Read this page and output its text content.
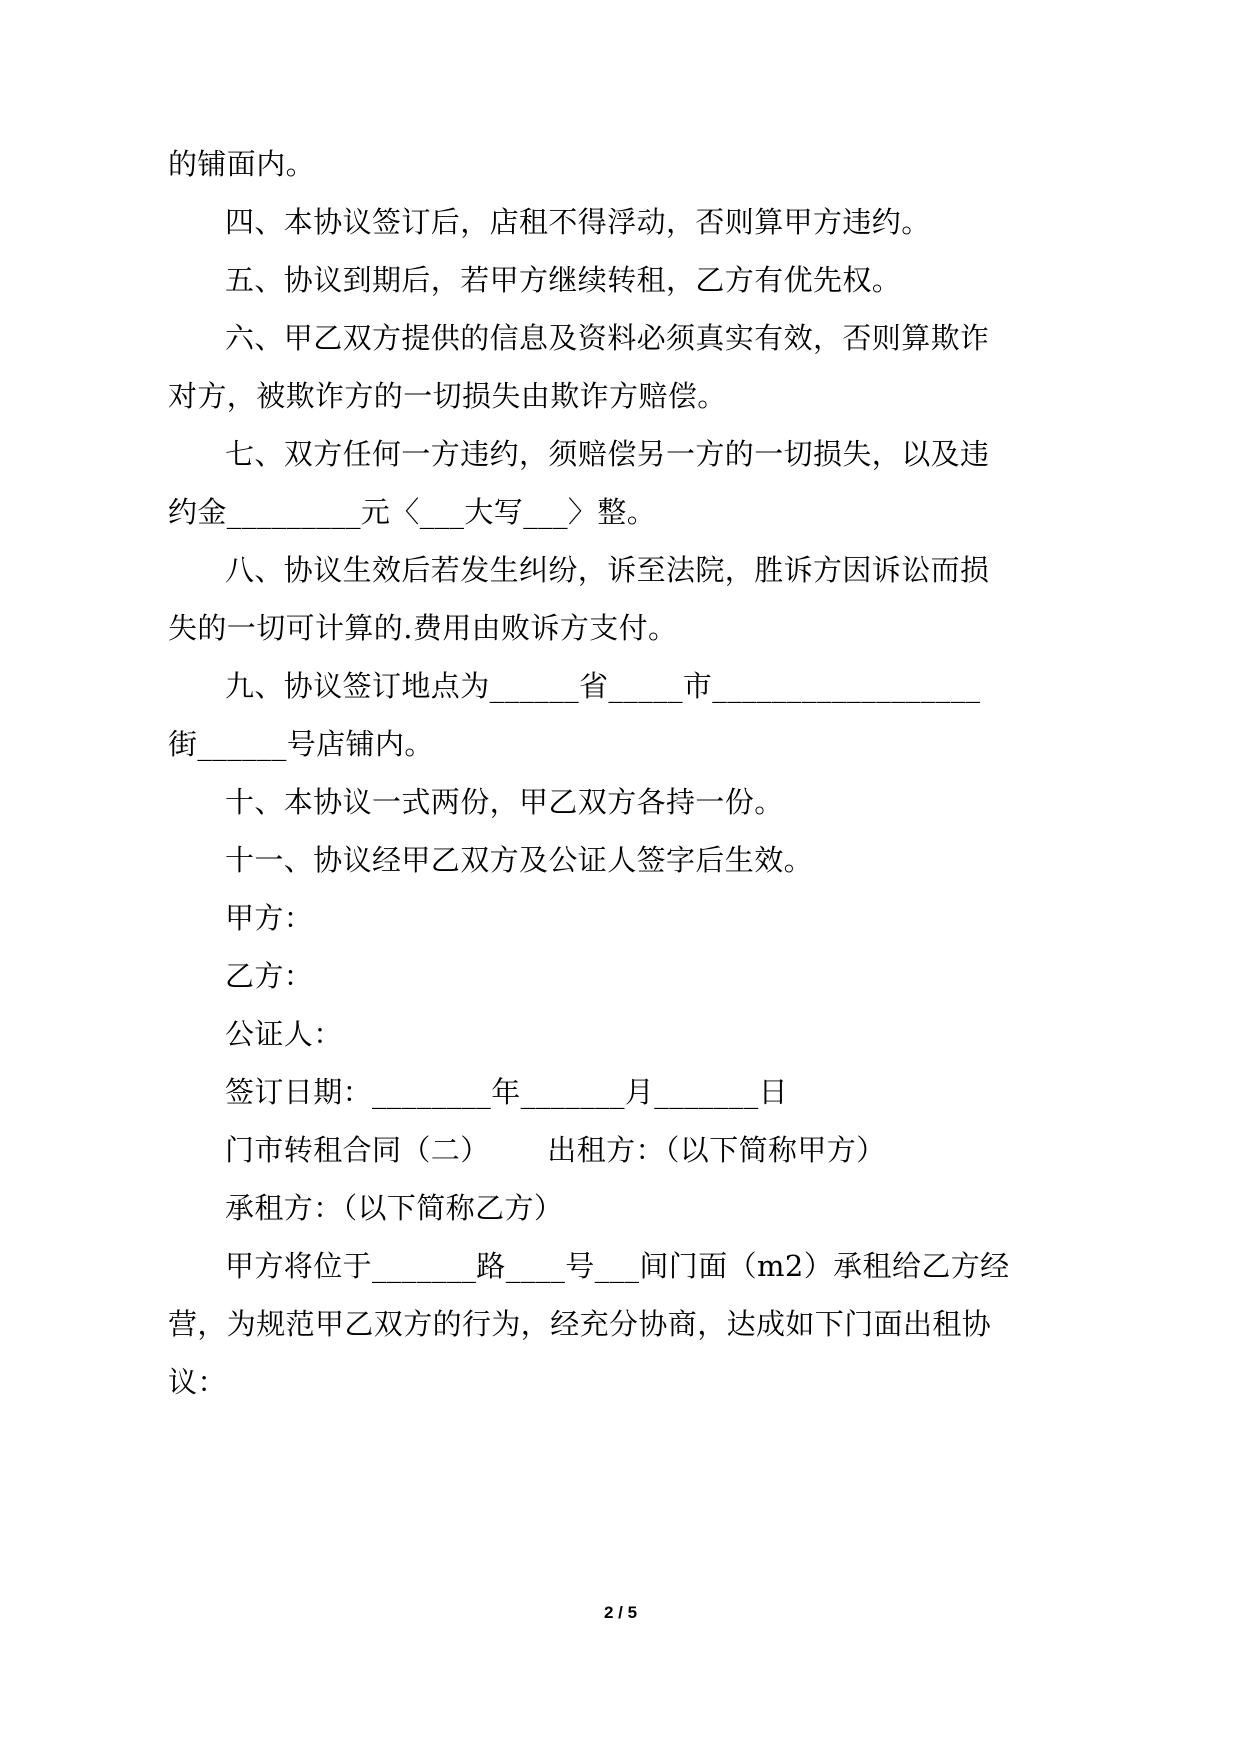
的铺面内。
四、本协议签订后，店租不得浮动，否则算甲方违约。
五、协议到期后，若甲方继续转租，乙方有优先权。
六、甲乙双方提供的信息及资料必须真实有效，否则算欺诈
对方，被欺诈方的一切损失由欺诈方赔偿。
七、双方任何一方违约，须赔偿另一方的一切损失，以及违
约金_________元〈___大写___〉整。
八、协议生效后若发生纠纷，诉至法院，胜诉方因诉讼而损
失的一切可计算的.费用由败诉方支付。
九、协议签订地点为______省_____市__________________
街______号店铺内。
十、本协议一式两份，甲乙双方各持一份。
十一、协议经甲乙双方及公证人签字后生效。
甲方：
乙方：
公证人：
签订日期：________年_______月_______日
门市转租合同（二）      出租方：（以下简称甲方）
承租方：（以下简称乙方）
甲方将位于_______路____号___间门面（m2）承租给乙方经
营，为规范甲乙双方的行为，经充分协商，达成如下门面出租协
议：
2 / 5
